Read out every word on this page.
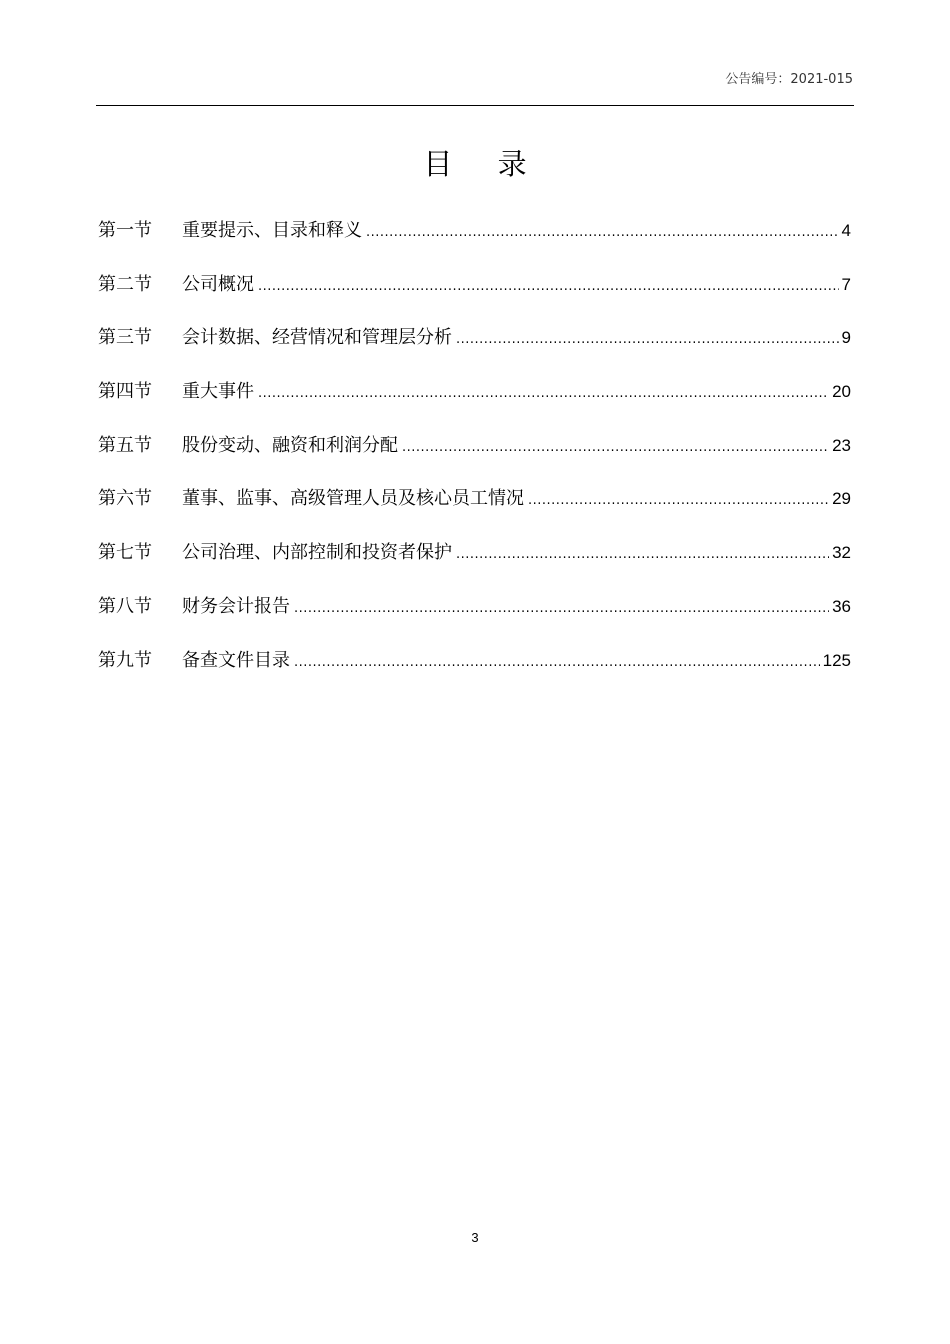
公告编号：2021-015
目 录
第一节	重要提示、目录和释义 .....	4
第二节	公司概况 .....	7
第三节	会计数据、经营情况和管理层分析 .....	9
第四节	重大事件 .....	20
第五节	股份变动、融资和利润分配 .....	23
第六节	董事、监事、高级管理人员及核心员工情况 .....	29
第七节	公司治理、内部控制和投资者保护 .....	32
第八节	财务会计报告 .....	36
第九节	备查文件目录 .....	125
3
